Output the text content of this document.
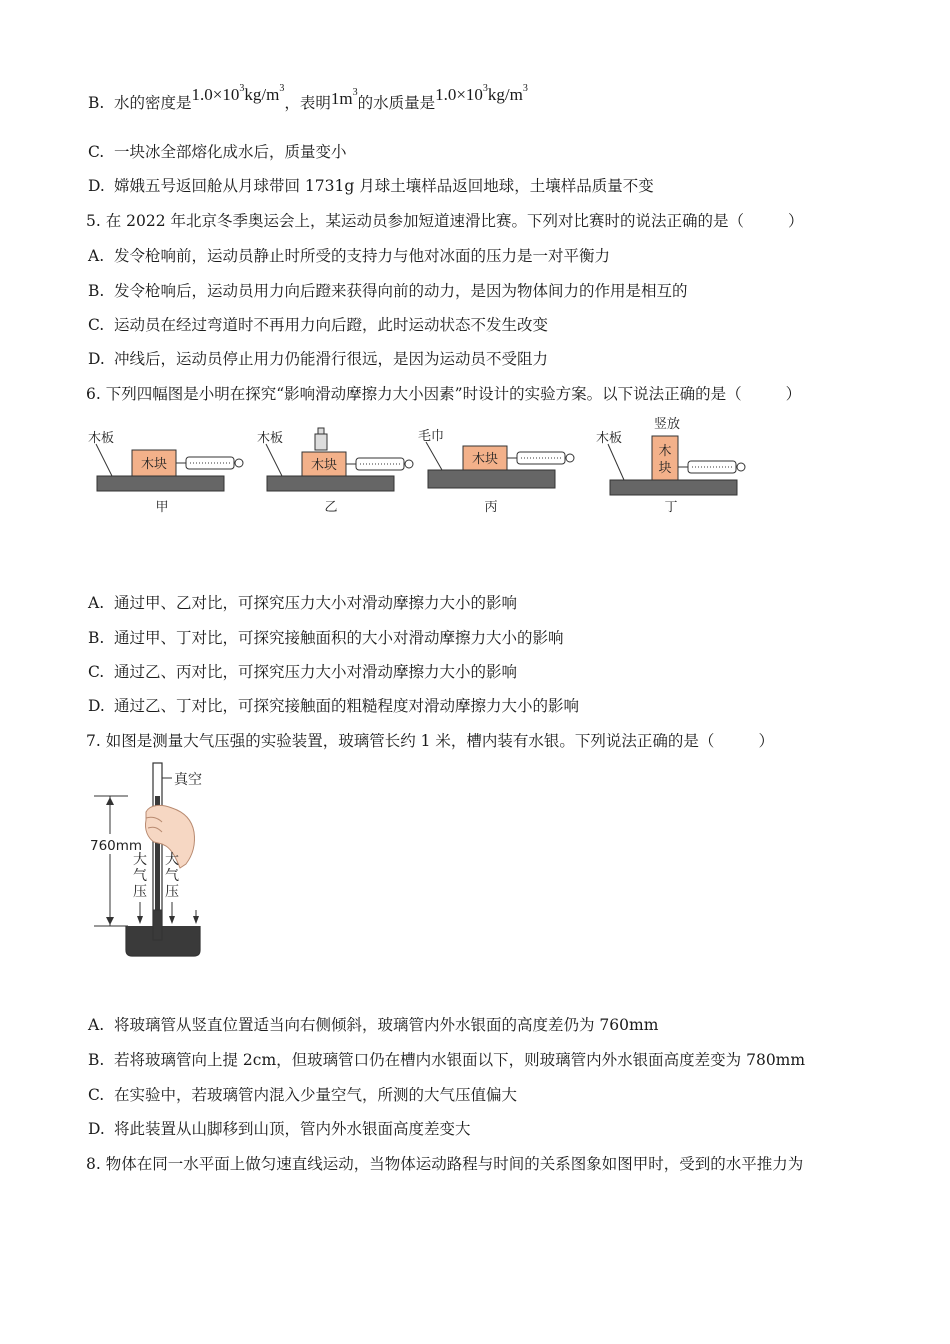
B. 水的密度是$1.0\times 10^3kg/m^3$，表明$1m^3$的水质量是$1.0\times 10^3kg/m^3$
C. 一块冰全部熔化成水后，质量变小
D. 嫦娥五号返回舱从月球带回 1731g 月球土壤样品返回地球，土壤样品质量不变
5. 在 2022 年北京冬季奥运会上，某运动员参加短道速滑比赛。下列对比赛时的说法正确的是（	）
A. 发令枪响前，运动员静止时所受的支持力与他对冰面的压力是一对平衡力
B. 发令枪响后，运动员用力向后蹬来获得向前的动力，是因为物体间力的作用是相互的
C. 运动员在经过弯道时不再用力向后蹬，此时运动状态不发生改变
D. 冲线后，运动员停止用力仍能滑行很远，是因为运动员不受阻力
6. 下列四幅图是小明在探究“影响滑动摩擦力大小因素”时设计的实验方案。以下说法正确的是（	）
木板
木块
甲
木板
木块
乙
毛巾
木块
丙
木板
竖放
木
块
丁
A. 通过甲、乙对比，可探究压力大小对滑动摩擦力大小的影响
B. 通过甲、丁对比，可探究接触面积的大小对滑动摩擦力大小的影响
C. 通过乙、丙对比，可探究压力大小对滑动摩擦力大小的影响
D. 通过乙、丁对比，可探究接触面的粗糙程度对滑动摩擦力大小的影响
7. 如图是测量大气压强的实验装置，玻璃管长约 1 米，槽内装有水银。下列说法正确的是（	）
真空
760mm
大
气
压
大
气
压
A. 将玻璃管从竖直位置适当向右侧倾斜，玻璃管内外水银面的高度差仍为 760mm
B. 若将玻璃管向上提 2cm，但玻璃管口仍在槽内水银面以下，则玻璃管内外水银面高度差变为 780mm
C. 在实验中，若玻璃管内混入少量空气，所测的大气压值偏大
D. 将此装置从山脚移到山顶，管内外水银面高度差变大
8. 物体在同一水平面上做匀速直线运动，当物体运动路程与时间的关系图象如图甲时，受到的水平推力为
